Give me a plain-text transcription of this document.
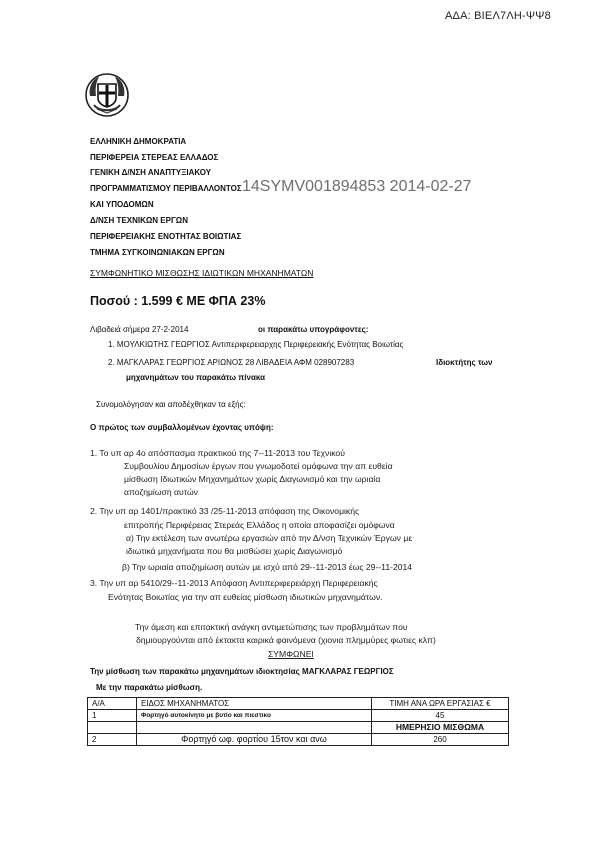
ΑΔΑ: ΒΙΕΛ7ΛΗ-ΨΨ8
ΕΛΛΗΝΙΚΗ ΔΗΜΟΚΡΑΤΙΑ
ΠΕΡΙΦΕΡΕΙΑ ΣΤΕΡΕΑΣ ΕΛΛΑΔΟΣ
ΓΕΝΙΚΗ Δ/ΝΣΗ ΑΝΑΠΤΥΞΙΑΚΟΥ
ΠΡΟΓΡΑΜΜΑΤΙΣΜΟΥ ΠΕΡΙΒΑΛΛΟΝΤΟΣ
ΚΑΙ ΥΠΟΔΟΜΩΝ
Δ/ΝΣΗ ΤΕΧΝΙΚΩΝ ΕΡΓΩΝ
ΠΕΡΙΦΕΡΕΙΑΚΗΣ ΕΝΟΤΗΤΑΣ ΒΟΙΩΤΙΑΣ
ΤΜΗΜΑ ΣΥΓΚΟΙΝΩΝΙΑΚΩΝ ΕΡΓΩΝ
14SYMV001894853 2014-02-27
ΣΥΜΦΩΝΗΤΙΚΟ ΜΙΣΘΩΣΗΣ ΙΔΙΩΤΙΚΩΝ ΜΗΧΑΝΗΜΑΤΩΝ
Ποσού : 1.599 € ΜΕ ΦΠΑ 23%
Λιβαδειά σήμερα 27-2-2014	οι παρακάτω υπογράφοντες:
1. ΜΟΥΛΚΙΩΤΗΣ ΓΕΩΡΓΙΟΣ Αντιπεριφερειαρχης Περιφερειακής Ενότητας Βοιωτίας
2. ΜΑΓΚΛΑΡΑΣ ΓΕΩΡΓΙΟΣ ΑΡΙΩΝΟΣ 28 ΛΙΒΑΔΕΙΑ ΑΦΜ 028907283	Ιδιοκτήτης των
μηχανημάτων του παρακάτω πίνακα
Συνομολόγησαν και αποδέχθηκαν τα εξής:
Ο πρώτος των συμβαλλομένων έχοντας υπόψη:
1. Το υπ αρ 4ο απόσπασμα πρακτικού της 7--11-2013 του Τεχνικού
Συμβουλίου Δημοσίων έργων που γνωμοδοτεί ομόφωνα την απ ευθεία
μίσθωση Ιδιωτικών Μηχανημάτων χωρίς Διαγωνισμό και την ωριαία
αποζημίωση αυτών
2. Την υπ αρ 1401/πρακτικό 33 /25-11-2013 απόφαση της Οικονομικής
επιτροπής Περιφέρειας Στερεάς Ελλάδος η οποία αποφασίζει ομόφωνα
α) Την εκτέλεση των ανωτέρω εργασιών από την Δ/νση Τεχνικών Έργων με
ιδιωτικά μηχανήματα που θα μισθώσει χωρίς Διαγωνισμό
β) Την ωριαία αποζημίωση αυτών με ισχύ από 29--11-2013 έως 29--11-2014
3. Την υπ αρ 5410/29--11-2013 Απόφαση Αντιπεριφερειάρχη Περιφερειακής
Ενότητας Βοιωτίας για την απ ευθείας μίσθωση ιδιωτικών μηχανημάτων.
Την άμεση και επιτακτική ανάγκη αντιμετώπισης των προβλημάτων που
δημιουργούνται από έκτακτα καιρικά φαινόμενα (χιονια πλημμύρες φωτιες κλπ)
ΣΥΜΦΩΝΕΙ
Την μίσθωση των παρακάτω μηχανημάτων ιδιοκτησίας ΜΑΓΚΛΑΡΑΣ ΓΕΩΡΓΙΟΣ
Με την παρακάτω μίσθωση.
Α/Α	ΕΙΔΟΣ ΜΗΧΑΝΗΜΑΤΟΣ	ΤΙΜΗ ΑΝΑ ΩΡΑ ΕΡΓΑΣΙΑΣ €
1	Φορτηγό αυτοκίνητο με βυτίο και πιεστικο	45
		ΗΜΕΡΗΣΙΟ ΜΙΣΘΩΜΑ
2	Φορτηγό ωφ. φορτίου 15τον και ανω	260
